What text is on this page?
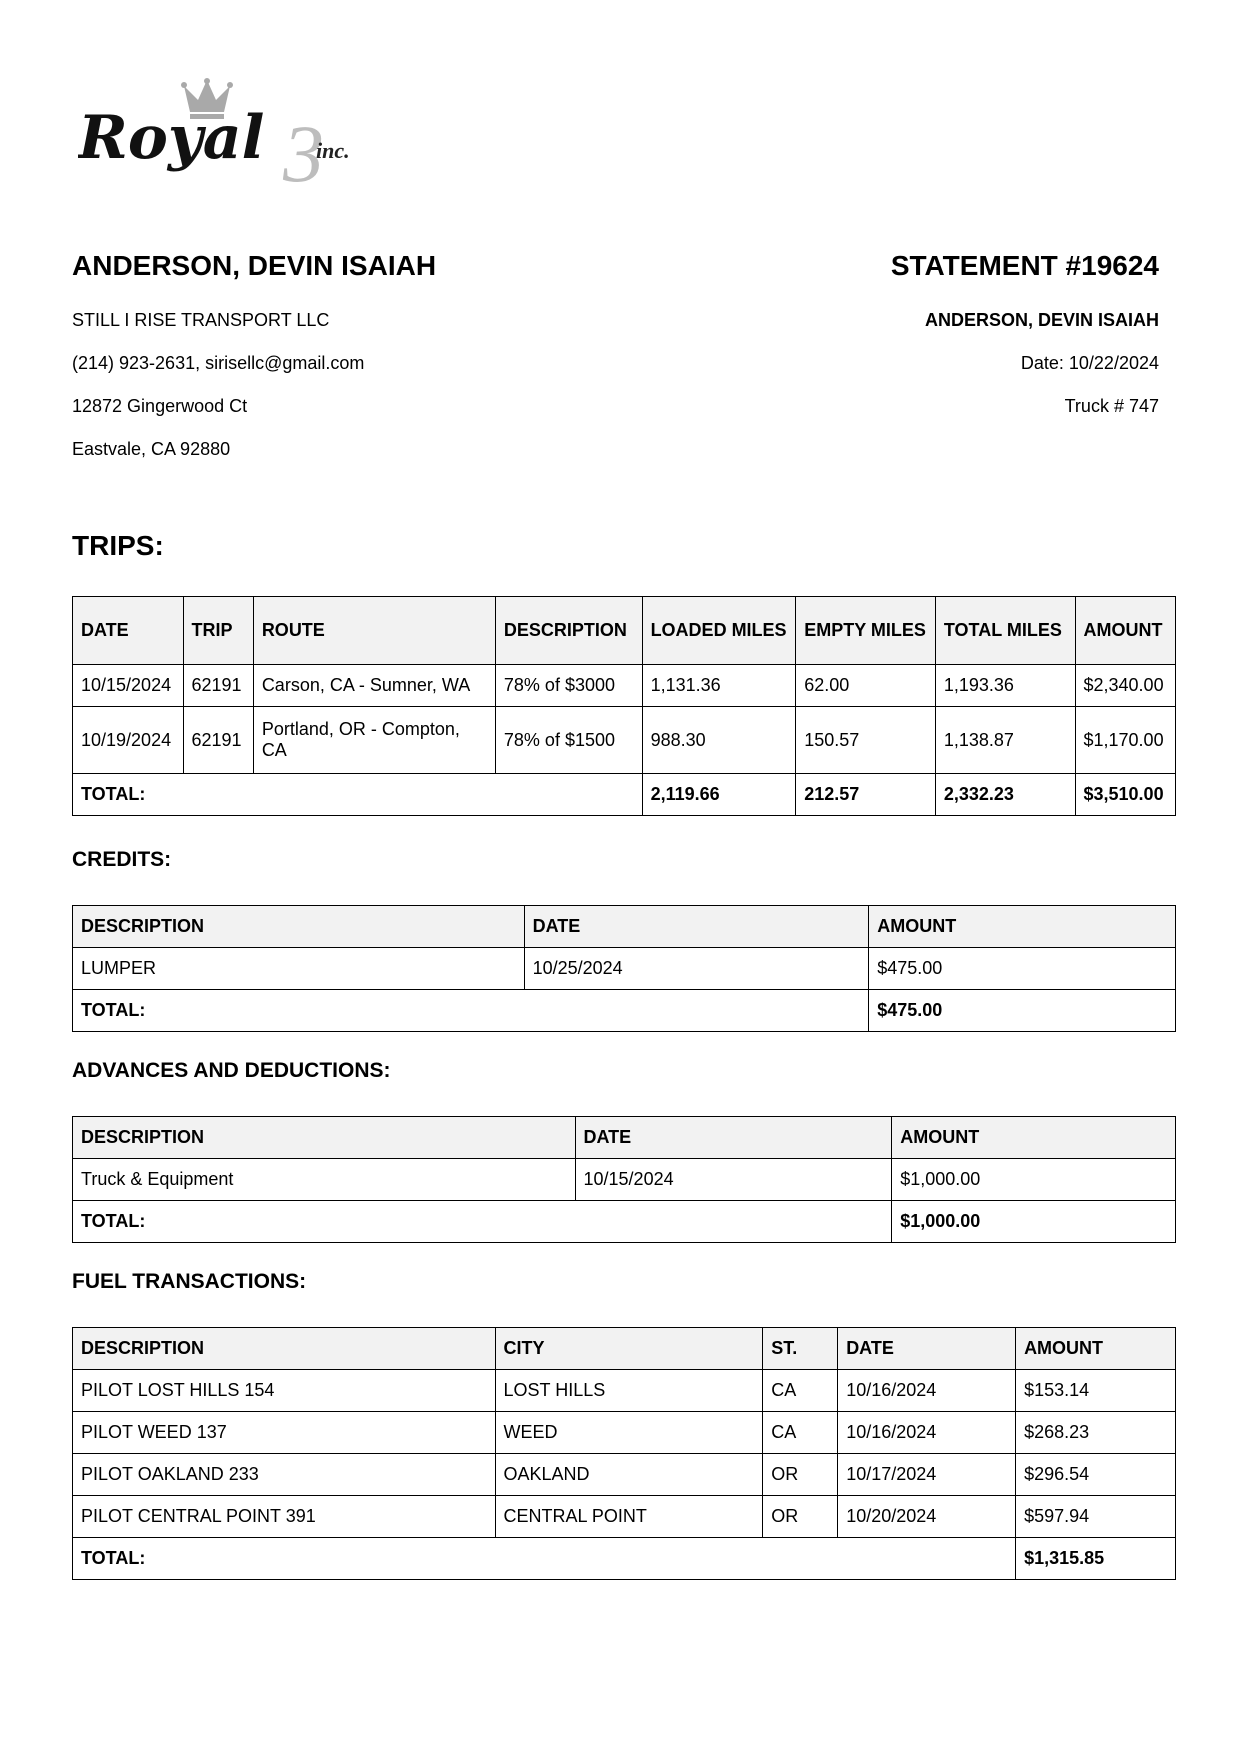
3
Royal inc.
ANDERSON, DEVIN ISAIAH
STILL I RISE TRANSPORT LLC
(214) 923-2631, sirisellc@gmail.com
12872 Gingerwood Ct
Eastvale, CA 92880
STATEMENT #19624
ANDERSON, DEVIN ISAIAH
Date: 10/22/2024
Truck # 747
TRIPS:
DATE	TRIP	ROUTE	DESCRIPTION	LOADED MILES	EMPTY MILES	TOTAL MILES	AMOUNT
10/15/2024	62191	Carson, CA - Sumner, WA	78% of $3000	1,131.36	62.00	1,193.36	$2,340.00
10/19/2024	62191	Portland, OR - Compton, CA	78% of $1500	988.30	150.57	1,138.87	$1,170.00
TOTAL:				2,119.66	212.57	2,332.23	$3,510.00
CREDITS:
DESCRIPTION	DATE	AMOUNT
LUMPER	10/25/2024	$475.00
TOTAL:		$475.00
ADVANCES AND DEDUCTIONS:
DESCRIPTION	DATE	AMOUNT
Truck & Equipment	10/15/2024	$1,000.00
TOTAL:		$1,000.00
FUEL TRANSACTIONS:
DESCRIPTION	CITY	ST.	DATE	AMOUNT
PILOT LOST HILLS 154	LOST HILLS	CA	10/16/2024	$153.14
PILOT WEED 137	WEED	CA	10/16/2024	$268.23
PILOT OAKLAND 233	OAKLAND	OR	10/17/2024	$296.54
PILOT CENTRAL POINT 391	CENTRAL POINT	OR	10/20/2024	$597.94
TOTAL:				$1,315.85
